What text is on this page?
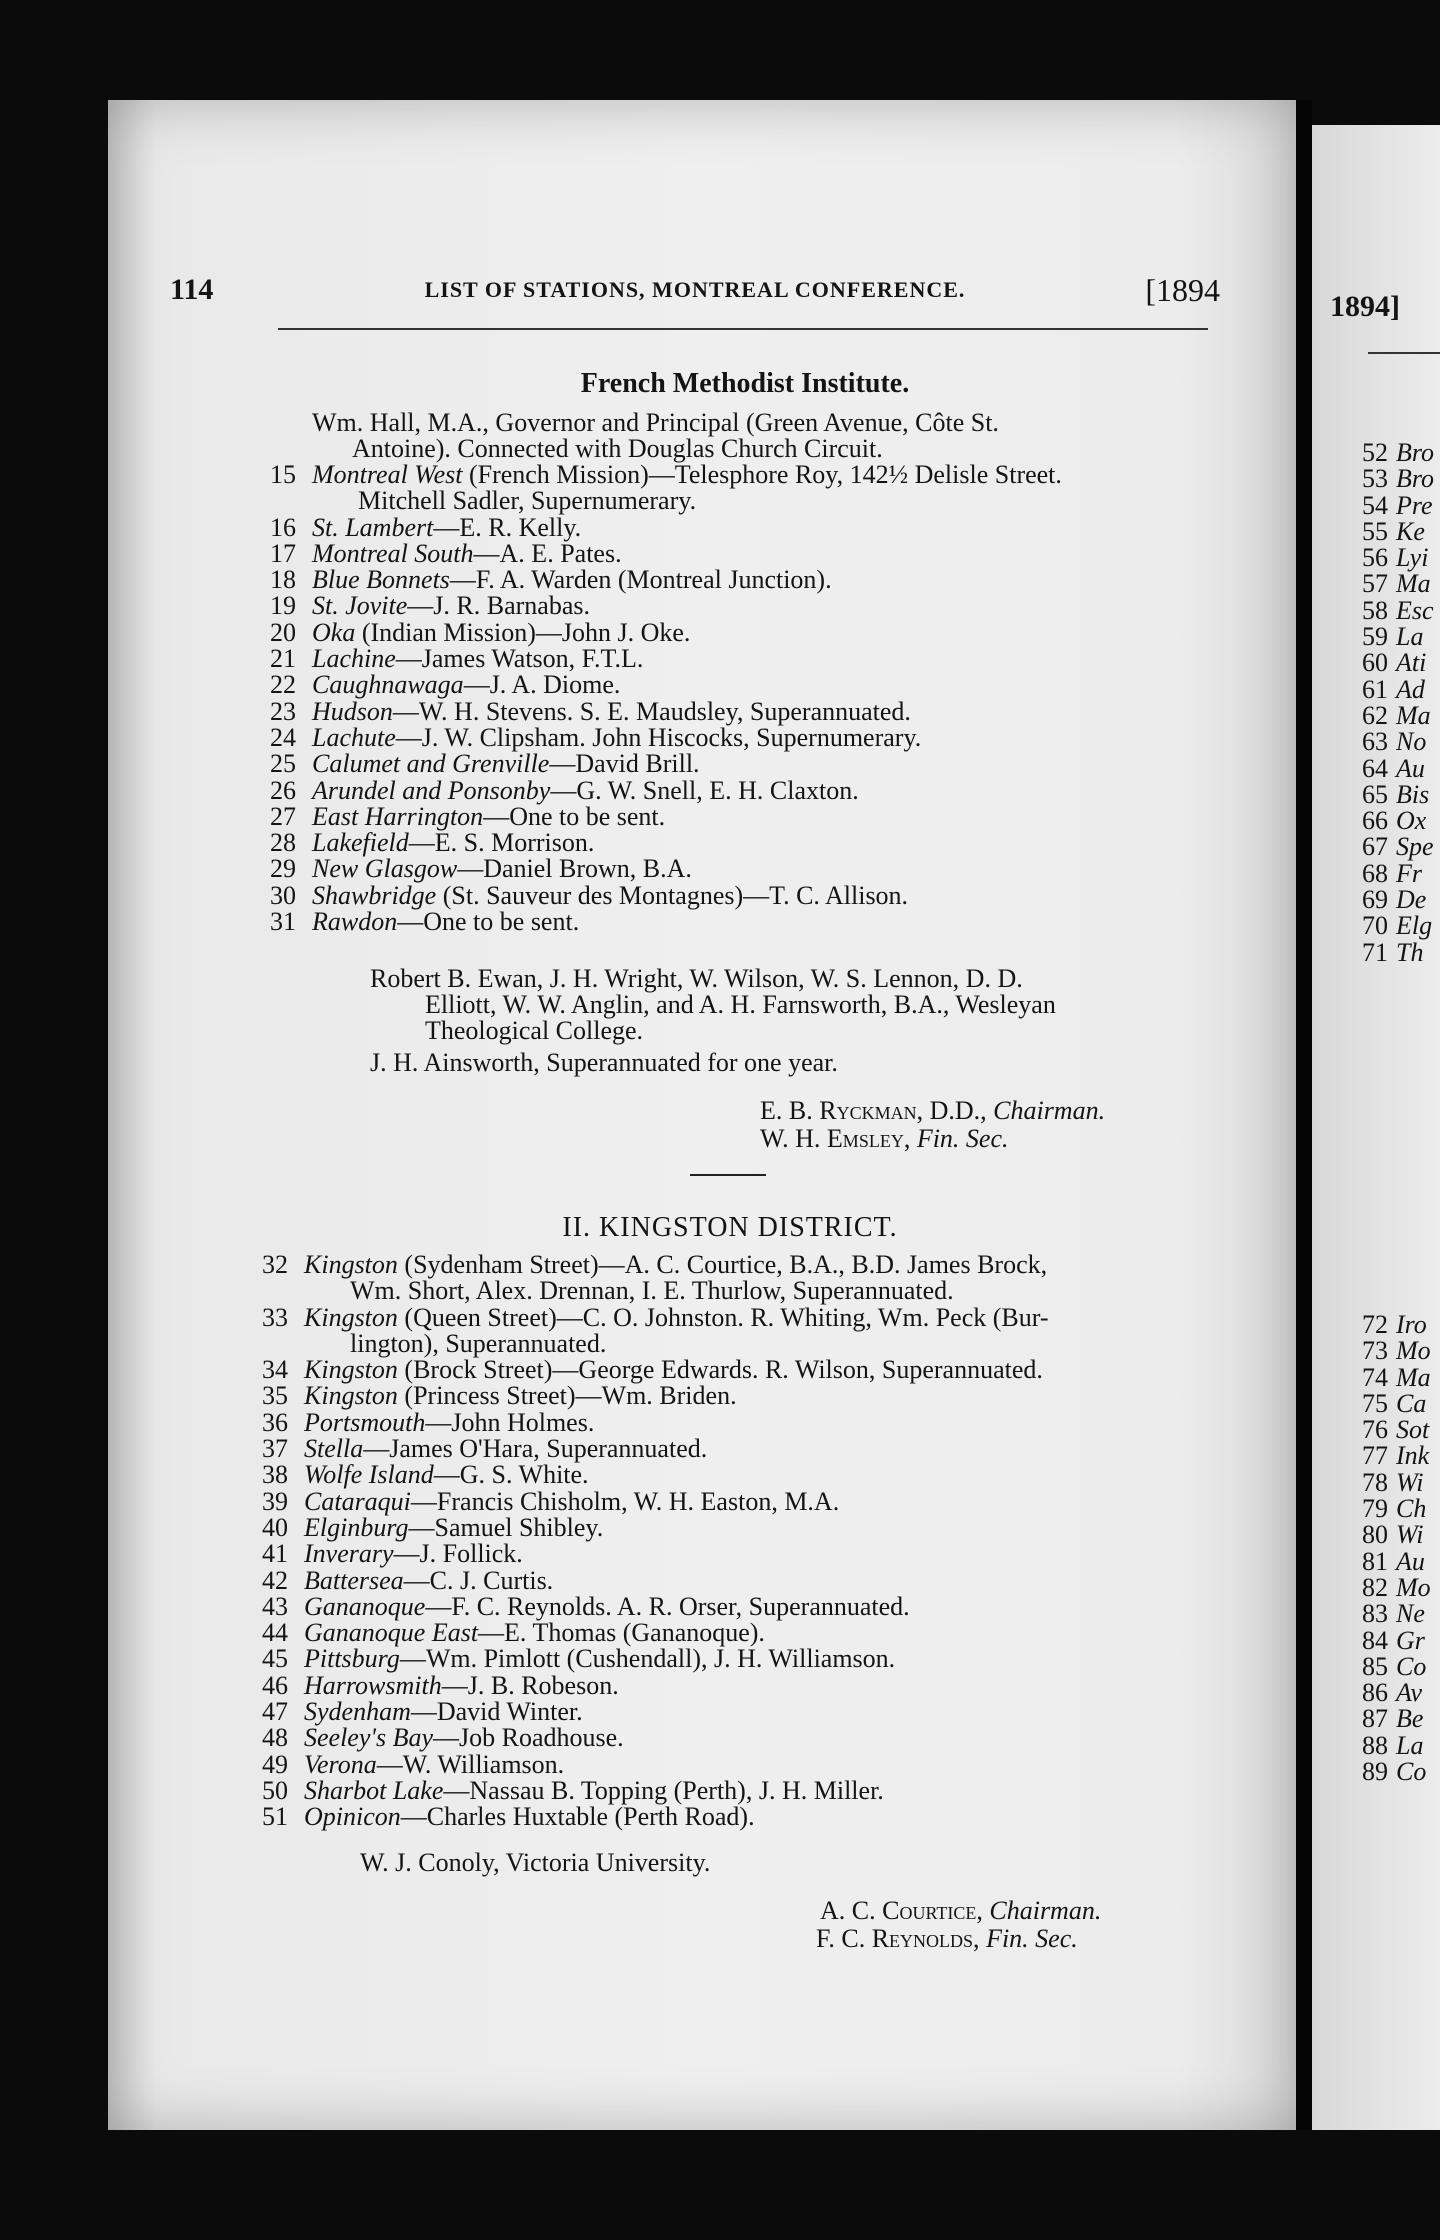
114	LIST OF STATIONS, MONTREAL CONFERENCE.	[1894
French Methodist Institute.
Wm. Hall, M.A., Governor and Principal (Green Avenue, Côte St.
Antoine). Connected with Douglas Church Circuit.
15 Montreal West (French Mission)—Telesphore Roy, 142½ Delisle Street.
Mitchell Sadler, Supernumerary.
16 St. Lambert—E. R. Kelly.
17 Montreal South—A. E. Pates.
18 Blue Bonnets—F. A. Warden (Montreal Junction).
19 St. Jovite—J. R. Barnabas.
20 Oka (Indian Mission)—John J. Oke.
21 Lachine—James Watson, F.T.L.
22 Caughnawaga—J. A. Diome.
23 Hudson—W. H. Stevens. S. E. Maudsley, Superannuated.
24 Lachute—J. W. Clipsham. John Hiscocks, Supernumerary.
25 Calumet and Grenville—David Brill.
26 Arundel and Ponsonby—G. W. Snell, E. H. Claxton.
27 East Harrington—One to be sent.
28 Lakefield—E. S. Morrison.
29 New Glasgow—Daniel Brown, B.A.
30 Shawbridge (St. Sauveur des Montagnes)—T. C. Allison.
31 Rawdon—One to be sent.
Robert B. Ewan, J. H. Wright, W. Wilson, W. S. Lennon, D. D.
Elliott, W. W. Anglin, and A. H. Farnsworth, B.A., Wesleyan
Theological College.
J. H. Ainsworth, Superannuated for one year.
E. B. Ryckman, D.D., Chairman.
W. H. Emsley, Fin. Sec.
II. KINGSTON DISTRICT.
32 Kingston (Sydenham Street)—A. C. Courtice, B.A., B.D. James Brock,
Wm. Short, Alex. Drennan, I. E. Thurlow, Superannuated.
33 Kingston (Queen Street)—C. O. Johnston. R. Whiting, Wm. Peck (Bur-
lington), Superannuated.
34 Kingston (Brock Street)—George Edwards. R. Wilson, Superannuated.
35 Kingston (Princess Street)—Wm. Briden.
36 Portsmouth—John Holmes.
37 Stella—James O'Hara, Superannuated.
38 Wolfe Island—G. S. White.
39 Cataraqui—Francis Chisholm, W. H. Easton, M.A.
40 Elginburg—Samuel Shibley.
41 Inverary—J. Follick.
42 Battersea—C. J. Curtis.
43 Gananoque—F. C. Reynolds. A. R. Orser, Superannuated.
44 Gananoque East—E. Thomas (Gananoque).
45 Pittsburg—Wm. Pimlott (Cushendall), J. H. Williamson.
46 Harrowsmith—J. B. Robeson.
47 Sydenham—David Winter.
48 Seeley's Bay—Job Roadhouse.
49 Verona—W. Williamson.
50 Sharbot Lake—Nassau B. Topping (Perth), J. H. Miller.
51 Opinicon—Charles Huxtable (Perth Road).
W. J. Conoly, Victoria University.
A. C. Courtice, Chairman.
F. C. Reynolds, Fin. Sec.
1894]
52 Bro
53 Bro
54 Pre
55 Ke
56 Lyi
57 Ma
58 Esc
59 La
60 Ati
61 Ad
62 Ma
63 No
64 Au
65 Bis
66 Ox
67 Spe
68 Fr
69 De
70 Elg
71 Th
72 Iro
73 Mo
74 Ma
75 Ca
76 Sot
77 Ink
78 Wi
79 Ch
80 Wi
81 Au
82 Mo
83 Ne
84 Gr
85 Co
86 Av
87 Be
88 La
89 Co
